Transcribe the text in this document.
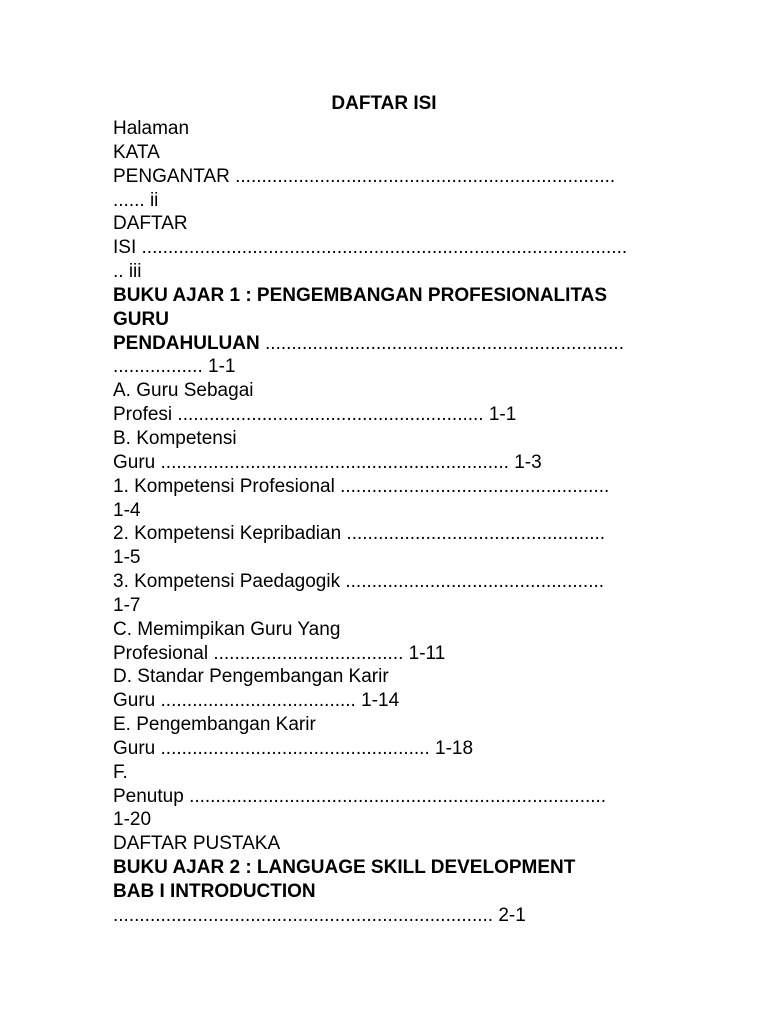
DAFTAR ISI
Halaman
KATA
PENGANTAR ........................................................................
...... ii
DAFTAR
ISI ............................................................................................
.. iii
BUKU AJAR 1 : PENGEMBANGAN PROFESIONALITAS
GURU
PENDAHULUAN ....................................................................
................. 1-1
A. Guru Sebagai
Profesi .......................................................... 1-1
B. Kompetensi
Guru .................................................................. 1-3
1. Kompetensi Profesional ...................................................
1-4
2. Kompetensi Kepribadian .................................................
1-5
3. Kompetensi Paedagogik .................................................
1-7
C. Memimpikan Guru Yang
Profesional .................................... 1-11
D. Standar Pengembangan Karir
Guru ..................................... 1-14
E. Pengembangan Karir
Guru ................................................... 1-18
F.
Penutup ...............................................................................
1-20
DAFTAR PUSTAKA
BUKU AJAR 2 : LANGUAGE SKILL DEVELOPMENT
BAB I INTRODUCTION
........................................................................ 2-1
